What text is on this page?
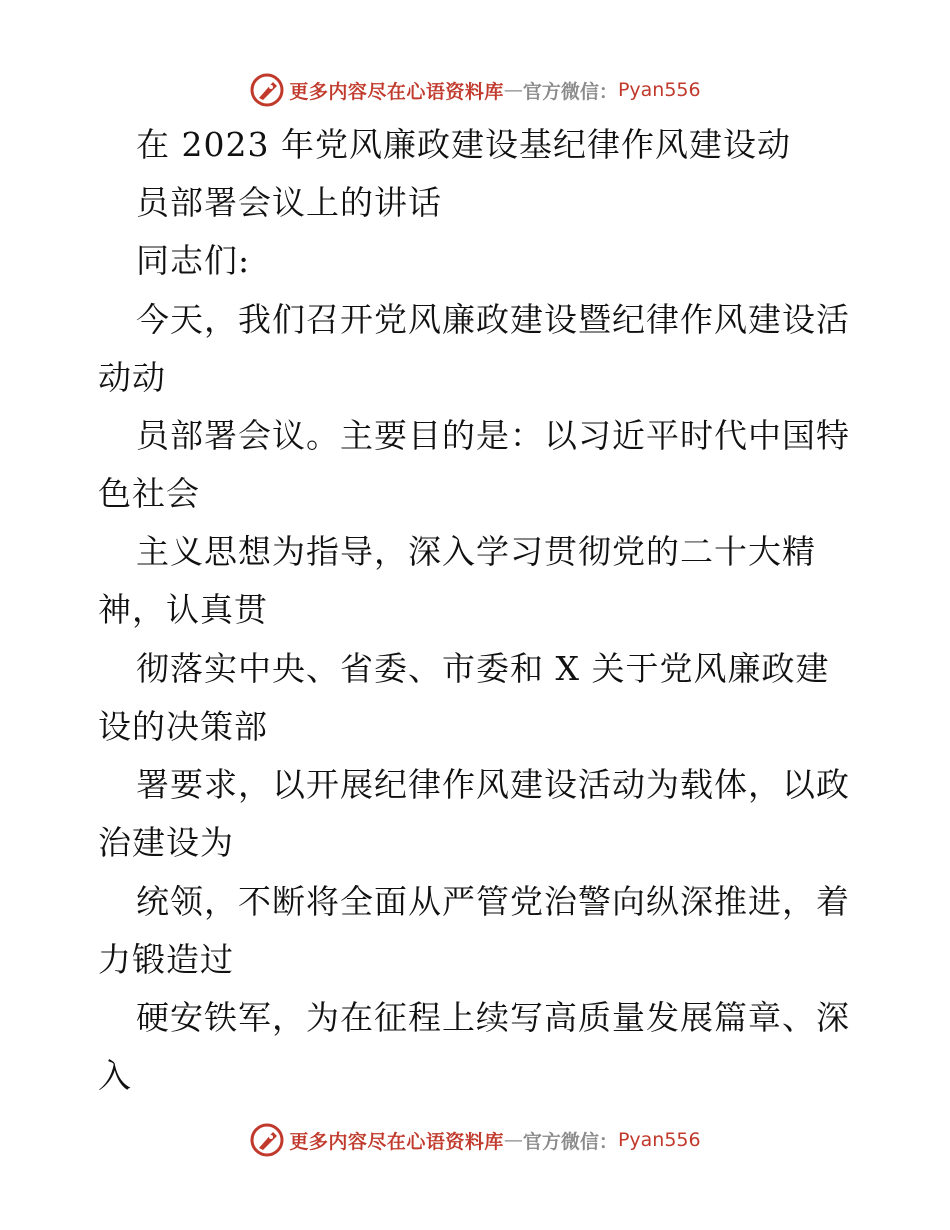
更多内容尽在心语资料库 — 官方微信： Pyan556
在 2023 年党风廉政建设基纪律作风建设动
员部署会议上的讲话
同志们:
今天，我们召开党风廉政建设暨纪律作风建设活
动动
员部署会议。主要目的是：以习近平时代中国特
色社会
主义思想为指导，深入学习贯彻党的二十大精
神，认真贯
彻落实中央、省委、市委和 X 关于党风廉政建
设的决策部
署要求，以开展纪律作风建设活动为载体，以政
治建设为
统领，不断将全面从严管党治警向纵深推进，着
力锻造过
硬安铁军，为在征程上续写高质量发展篇章、深
入
更多内容尽在心语资料库 — 官方微信： Pyan556
